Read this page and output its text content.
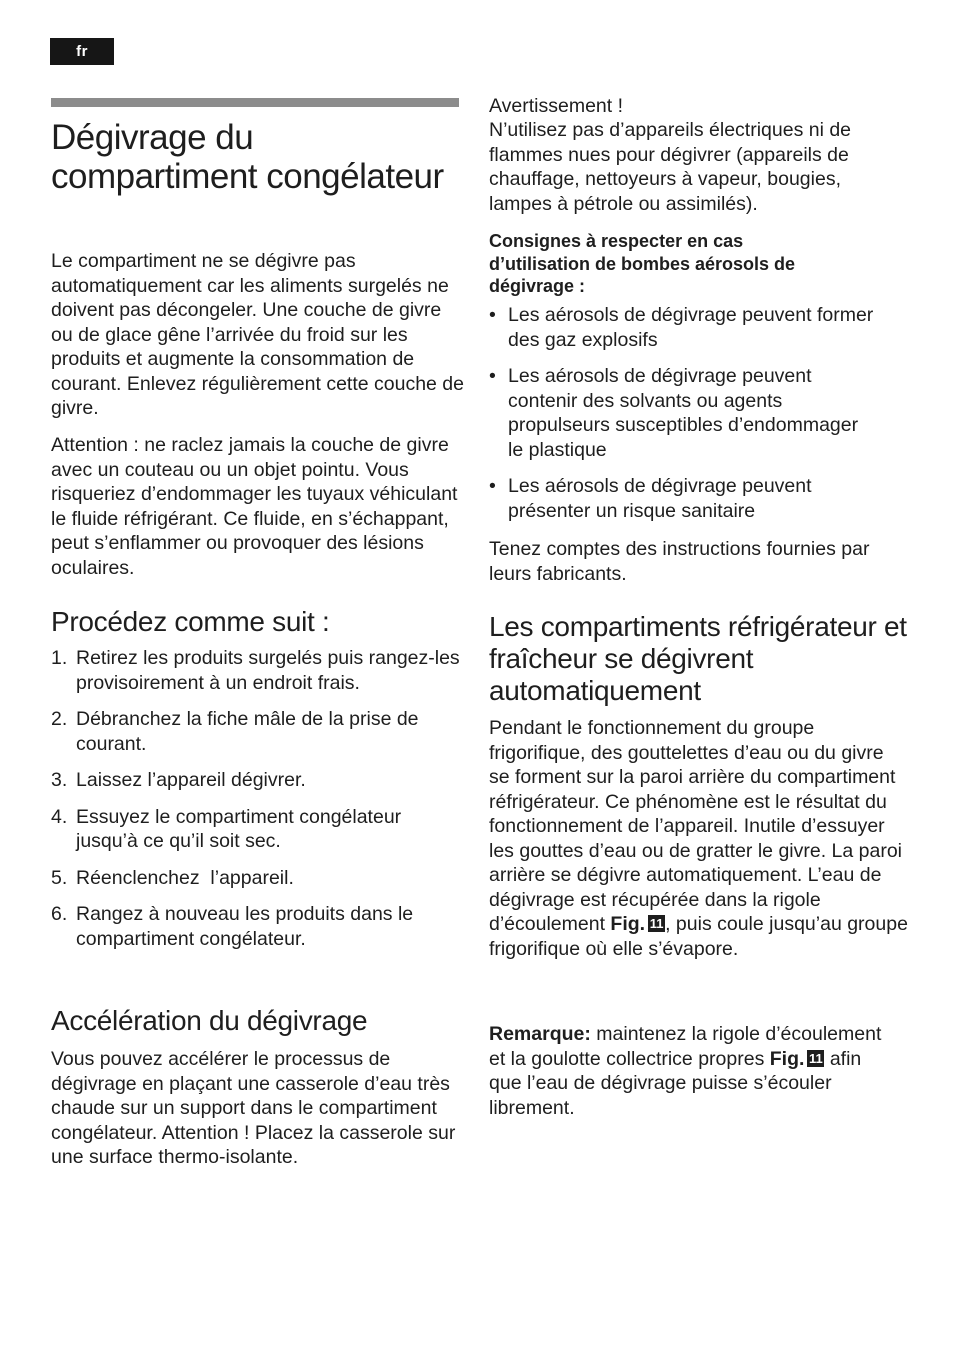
fr
Dégivrage du compartiment congélateur

Le compartiment ne se dégivre pas automatiquement car les aliments surgelés ne doivent pas décongeler. Une couche de givre ou de glace gêne l’arrivée du froid sur les produits et augmente la consommation de courant. Enlevez régulièrement cette couche de givre.

Attention : ne raclez jamais la couche de givre avec un couteau ou un objet pointu. Vous risqueriez d’endommager les tuyaux véhiculant le fluide réfrigérant. Ce fluide, en s’échappant, peut s’enflammer ou provoquer des lésions oculaires.

Procédez comme suit :
1. Retirez les produits surgelés puis rangez-les provisoirement à un endroit frais.
2. Débranchez la fiche mâle de la prise de courant.
3. Laissez l’appareil dégivrer.
4. Essuyez le compartiment congélateur jusqu’à ce qu’il soit sec.
5. Réenclenchez  l’appareil.
6. Rangez à nouveau les produits dans le compartiment congélateur.
Accélération du dégivrage

Vous pouvez accélérer le processus de dégivrage en plaçant une casserole d’eau très chaude sur un support dans le compartiment congélateur. Attention ! Placez la casserole sur une surface thermo-isolante.

Avertissement !

N’utilisez pas d’appareils électriques ni de flammes nues pour dégivrer (appareils de chauffage, nettoyeurs à vapeur, bougies, lampes à pétrole ou assimilés).

Consignes à respecter en cas d’utilisation de bombes aérosols de dégivrage :

• Les aérosols de dégivrage peuvent former des gaz explosifs
• Les aérosols de dégivrage peuvent contenir des solvants ou agents propulseurs susceptibles d’endommager le plastique
• Les aérosols de dégivrage peuvent présenter un risque sanitaire

Tenez comptes des instructions fournies par leurs fabricants.

Les compartiments réfrigérateur et fraîcheur se dégivrent automatiquement

Pendant le fonctionnement du groupe frigorifique, des gouttelettes d’eau ou du givre se forment sur la paroi arrière du compartiment réfrigérateur. Ce phénomène est le résultat du fonctionnement de l’appareil. Inutile d’essuyer les gouttes d’eau ou de gratter le givre. La paroi arrière se dégivre automatiquement. L’eau de dégivrage est récupérée dans la rigole d’écoulement Fig. 11, puis coule jusqu’au groupe frigorifique où elle s’évapore.

Remarque: maintenez la rigole d’écoulement et la goulotte collectrice propres Fig. 11 afin que l’eau de dégivrage puisse s’écouler librement.
